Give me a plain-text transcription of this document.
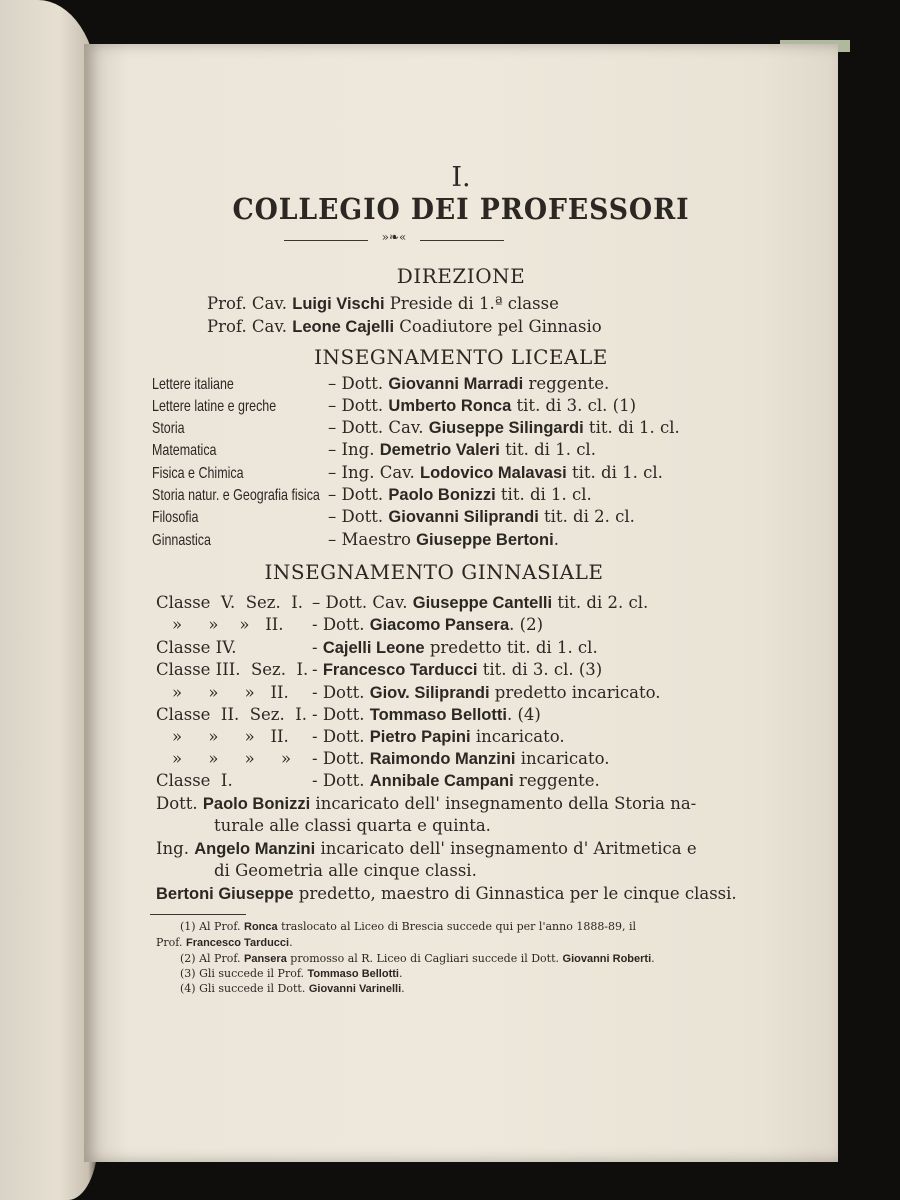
I.
COLLEGIO DEI PROFESSORI
»❧«
DIREZIONE
Prof. Cav. Luigi Vischi Preside di 1.ª classe
Prof. Cav. Leone Cajelli Coadiutore pel Ginnasio
INSEGNAMENTO LICEALE
Lettere italiane	– Dott. Giovanni Marradi reggente.
Lettere latine e greche	– Dott. Umberto Ronca tit. di 3. cl. (1)
Storia	– Dott. Cav. Giuseppe Silingardi tit. di 1. cl.
Matematica	– Ing. Demetrio Valeri tit. di 1. cl.
Fisica e Chimica	– Ing. Cav. Lodovico Malavasi tit. di 1. cl.
Storia natur. e Geografia fisica – Dott. Paolo Bonizzi tit. di 1. cl.
Filosofia	– Dott. Giovanni Siliprandi tit. di 2. cl.
Ginnastica	– Maestro Giuseppe Bertoni.
INSEGNAMENTO GINNASIALE
Classe  V.  Sez.  I. – Dott. Cav. Giuseppe Cantelli tit. di 2. cl.
»     »    »   II. - Dott. Giacomo Pansera. (2)
Classe IV.	- Cajelli Leone predetto tit. di 1. cl.
Classe III.  Sez.  I. - Francesco Tarducci tit. di 3. cl. (3)
»     »     »   II. - Dott. Giov. Siliprandi predetto incaricato.
Classe  II.  Sez.  I. - Dott. Tommaso Bellotti. (4)
»     »     »   II. - Dott. Pietro Papini incaricato.
»     »     »     » - Dott. Raimondo Manzini incaricato.
Classe  I.	- Dott. Annibale Campani reggente.
Dott. Paolo Bonizzi incaricato dell' insegnamento della Storia na-
turale alle classi quarta e quinta.
Ing. Angelo Manzini incaricato dell' insegnamento d' Aritmetica e
di Geometria alle cinque classi.
Bertoni Giuseppe predetto, maestro di Ginnastica per le cinque classi.
(1) Al Prof. Ronca traslocato al Liceo di Brescia succede qui per l'anno 1888-89, il
Prof. Francesco Tarducci.
(2) Al Prof. Pansera promosso al R. Liceo di Cagliari succede il Dott. Giovanni Roberti.
(3) Gli succede il Prof. Tommaso Bellotti.
(4) Gli succede il Dott. Giovanni Varinelli.
